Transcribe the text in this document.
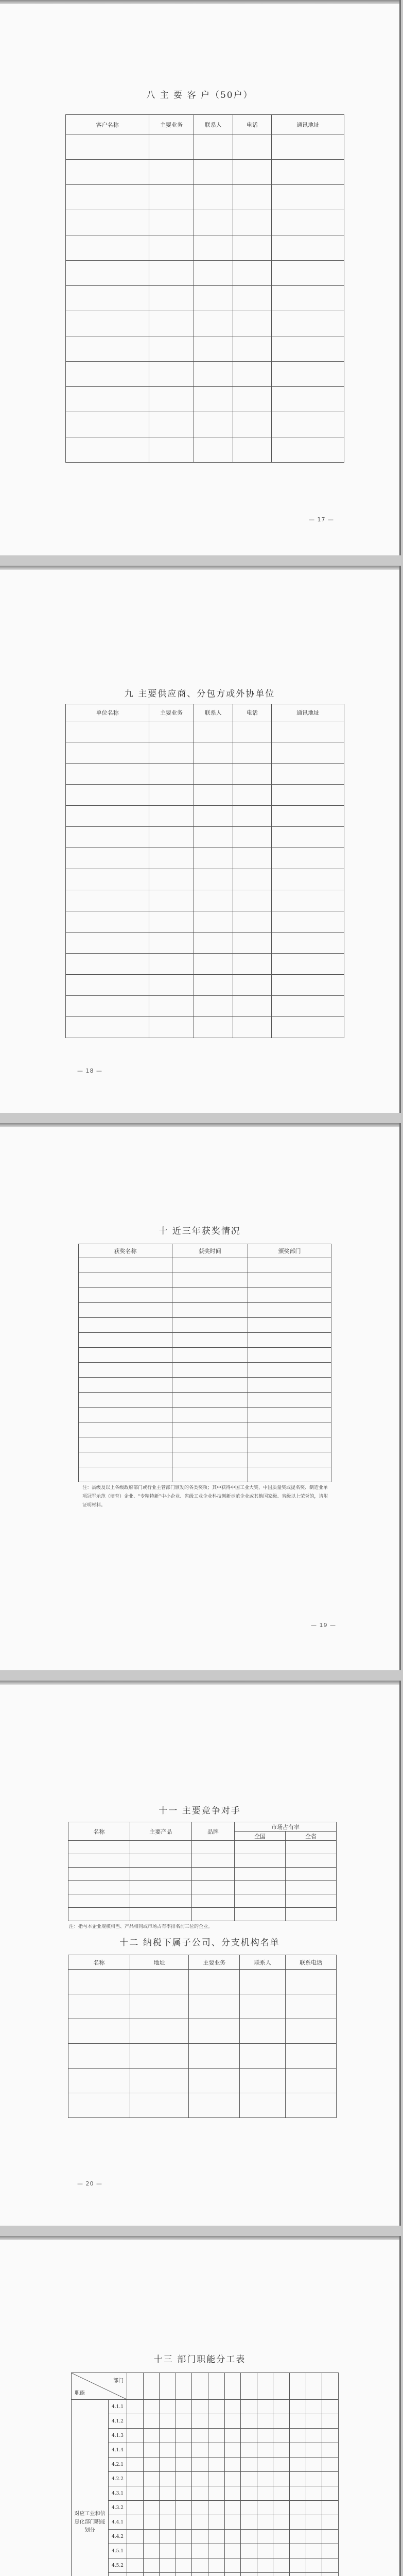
八 主 要 客 户（50户）
客户名称	主要业务	联系人	电话	通讯地址

— 17 —
九 主要供应商、分包方或外协单位
单位名称	主要业务	联系人	电话	通讯地址

— 18 —
十 近三年获奖情况
获奖名称	获奖时间	颁奖部门

注：县级及以上各级政府部门或行业主管部门颁发的各类奖项；其中获得中国工业大奖、中国质量奖或提名奖、制造业单项冠军示范（培育）企业、“专精特新”中小企业、省级工业企业科技创新示范企业或其他国家级、省级以上荣誉的，请附证明材料。
— 19 —
十一 主要竞争对手
名称	主要产品	品牌	市场占有率	
			全国	全省

注：指与本企业规模相当、产品相同或市场占有率排名前三位的企业。
十二 纳税下属子公司、分支机构名单
名称	地址	主要业务	联系人	联系电话

— 20 —
十三 部门职能分工表
部门
职能														

对应工业和信息化部门职能划分	4.1.1													
	4.1.2													
	4.1.3													
	4.1.4													
	4.2.1													
	4.2.2													
	4.3.1													
	4.3.2													
	4.4.1													
	4.4.2													
	4.5.1													
	4.5.2													
